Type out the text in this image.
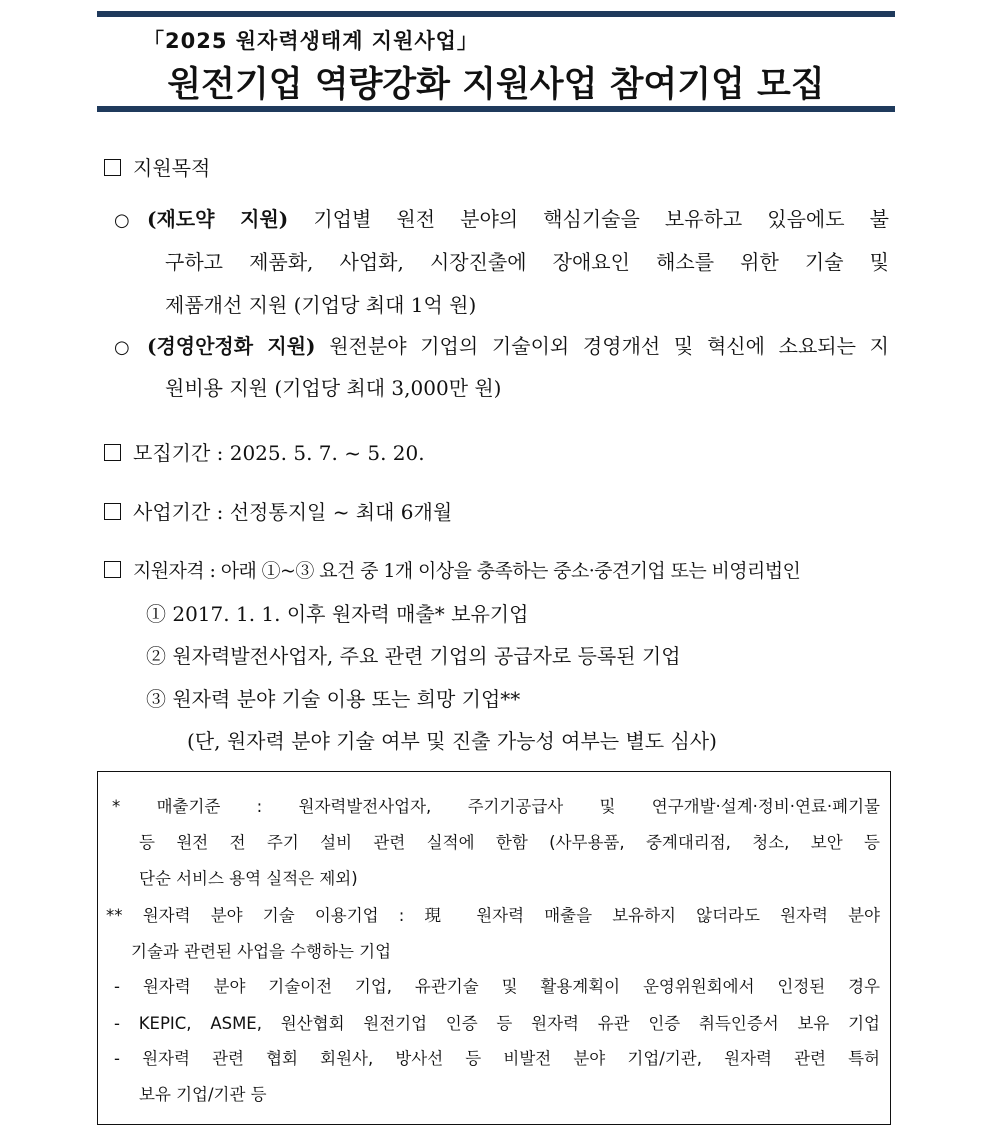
「2025 원자력생태계 지원사업」
원전기업 역량강화 지원사업 참여기업 모집
지원목적
○ (재도약 지원) 기업별 원전 분야의 핵심기술을 보유하고 있음에도 불
구하고 제품화, 사업화, 시장진출에 장애요인 해소를 위한 기술 및
제품개선 지원 (기업당 최대 1억 원)
○ (경영안정화 지원) 원전분야 기업의 기술이외 경영개선 및 혁신에 소요되는 지
원비용 지원 (기업당 최대 3,000만 원)
모집기간 : 2025. 5. 7. ~ 5. 20.
사업기간 : 선정통지일 ~ 최대 6개월
지원자격 : 아래 ①~③ 요건 중 1개 이상을 충족하는 중소·중견기업 또는 비영리법인
① 2017. 1. 1. 이후 원자력 매출* 보유기업
② 원자력발전사업자, 주요 관련 기업의 공급자로 등록된 기업
③ 원자력 분야 기술 이용 또는 희망 기업**
(단, 원자력 분야 기술 여부 및 진출 가능성 여부는 별도 심사)
* 매출기준 : 원자력발전사업자, 주기기공급사 및 연구개발·설계·정비·연료·폐기물
등 원전 전 주기 설비 관련 실적에 한함 (사무용품, 중계대리점, 청소, 보안 등
단순 서비스 용역 실적은 제외)
** 원자력 분야 기술 이용기업 : 現 원자력 매출을 보유하지 않더라도 원자력 분야
기술과 관련된 사업을 수행하는 기업
- 원자력 분야 기술이전 기업, 유관기술 및 활용계획이 운영위원회에서 인정된 경우
- KEPIC, ASME, 원산협회 원전기업 인증 등 원자력 유관 인증 취득인증서 보유 기업
- 원자력 관련 협회 회원사, 방사선 등 비발전 분야 기업/기관, 원자력 관련 특허
보유 기업/기관 등
